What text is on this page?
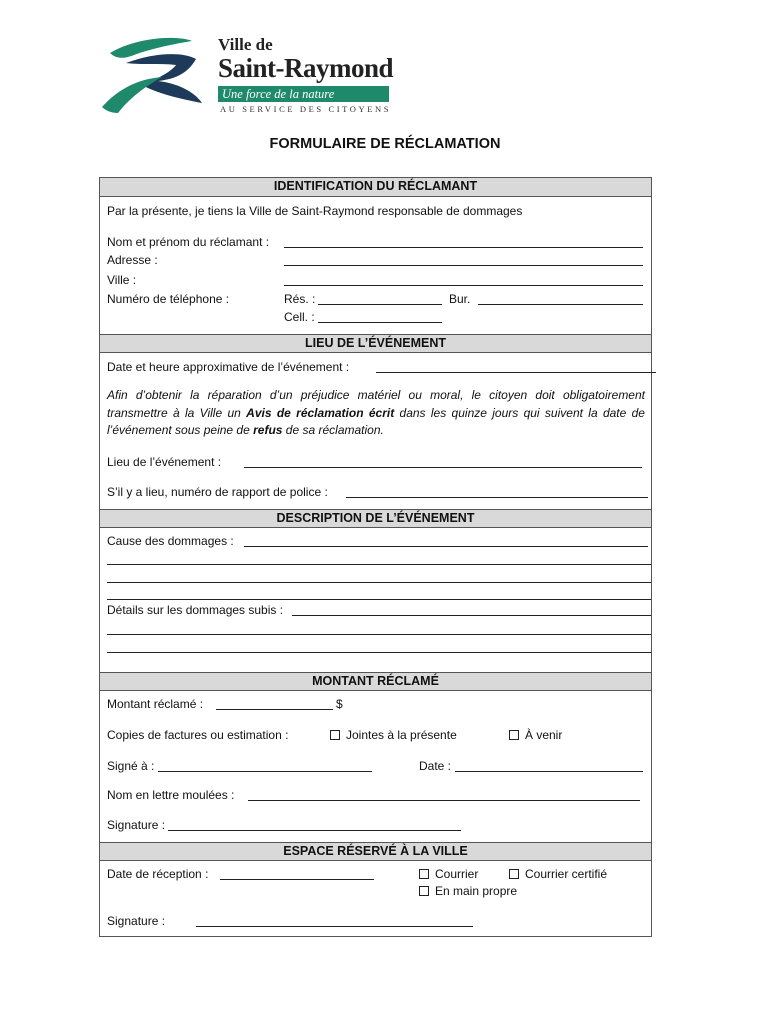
Ville de
Saint-Raymond
Une force de la nature
AU SERVICE DES CITOYENS
FORMULAIRE DE RÉCLAMATION
IDENTIFICATION DU RÉCLAMANT
Par la présente, je tiens la Ville de Saint-Raymond responsable de dommages
Nom et prénom du réclamant :
Adresse :
Ville :
Numéro de téléphone :	Rés. :	Bur.
Cell. :
LIEU DE L’ÉVÉNEMENT
Date et heure approximative de l’événement :
Afin d’obtenir la réparation d’un préjudice matériel ou moral, le citoyen doit obligatoirement transmettre à la Ville un Avis de réclamation écrit dans les quinze jours qui suivent la date de l’événement sous peine de refus de sa réclamation.
Lieu de l’événement :
S’il y a lieu, numéro de rapport de police :
DESCRIPTION DE L’ÉVÉNEMENT
Cause des dommages :
Détails sur les dommages subis :
MONTANT RÉCLAMÉ
Montant réclamé :	$
Copies de factures ou estimation :	Jointes à la présente	À venir
Signé à :	Date :
Nom en lettre moulées :
Signature :
ESPACE RÉSERVÉ À LA VILLE
Date de réception :	Courrier	Courrier certifié
En main propre
Signature :
